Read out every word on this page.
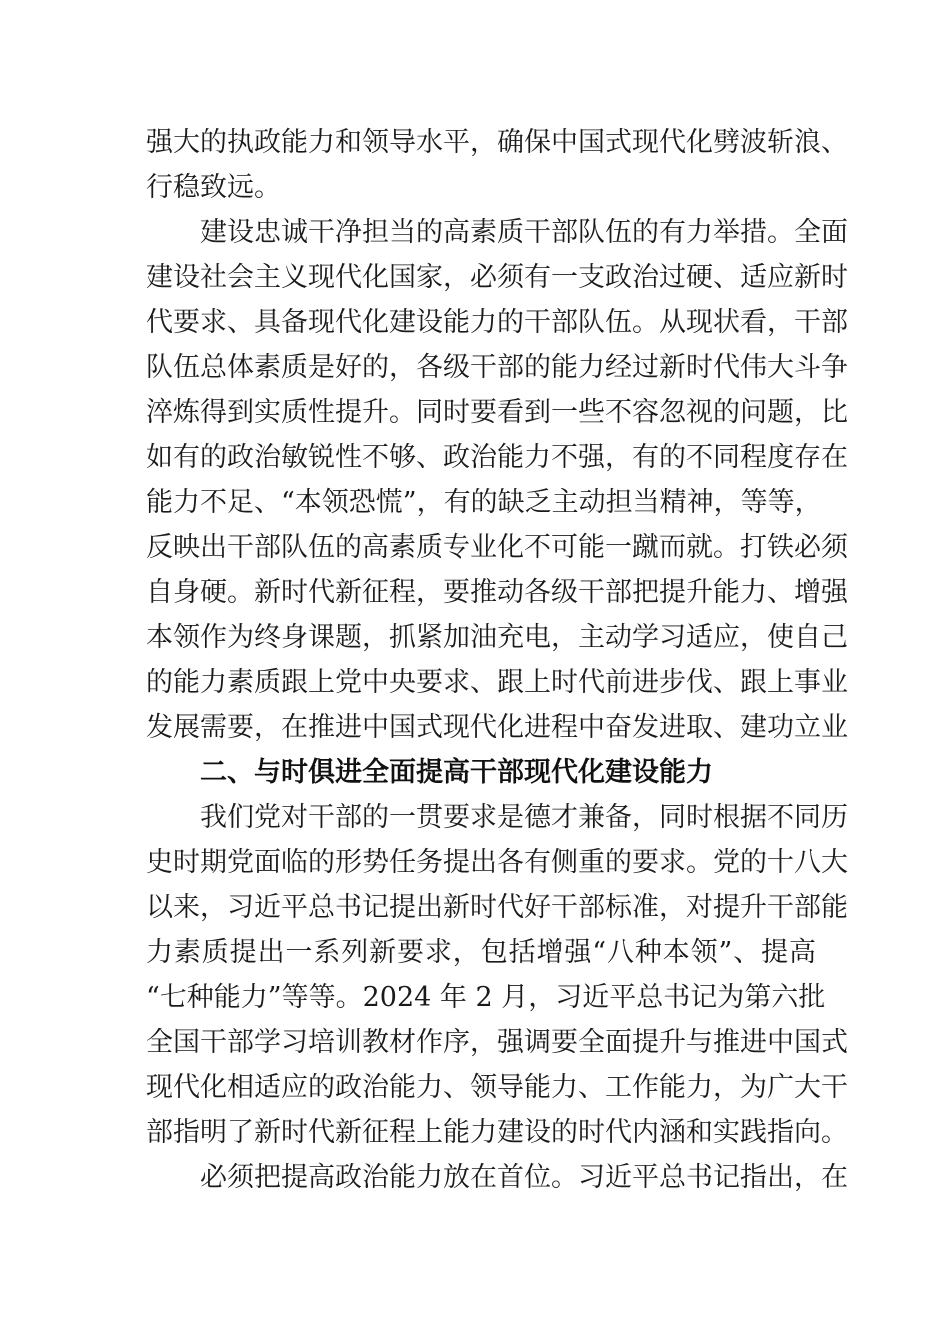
强大的执政能力和领导水平，确保中国式现代化劈波斩浪、
行稳致远。
建设忠诚干净担当的高素质干部队伍的有力举措。全面
建设社会主义现代化国家，必须有一支政治过硬、适应新时
代要求、具备现代化建设能力的干部队伍。从现状看，干部
队伍总体素质是好的，各级干部的能力经过新时代伟大斗争
淬炼得到实质性提升。同时要看到一些不容忽视的问题，比
如有的政治敏锐性不够、政治能力不强，有的不同程度存在
能力不足、“本领恐慌”，有的缺乏主动担当精神，等等，
反映出干部队伍的高素质专业化不可能一蹴而就。打铁必须
自身硬。新时代新征程，要推动各级干部把提升能力、增强
本领作为终身课题，抓紧加油充电，主动学习适应，使自己
的能力素质跟上党中央要求、跟上时代前进步伐、跟上事业
发展需要，在推进中国式现代化进程中奋发进取、建功立业
二、与时俱进全面提高干部现代化建设能力
我们党对干部的一贯要求是德才兼备，同时根据不同历
史时期党面临的形势任务提出各有侧重的要求。党的十八大
以来，习近平总书记提出新时代好干部标准，对提升干部能
力素质提出一系列新要求，包括增强“八种本领”、提高
“七种能力”等等。2024 年 2 月，习近平总书记为第六批
全国干部学习培训教材作序，强调要全面提升与推进中国式
现代化相适应的政治能力、领导能力、工作能力，为广大干
部指明了新时代新征程上能力建设的时代内涵和实践指向。
必须把提高政治能力放在首位。习近平总书记指出，在
